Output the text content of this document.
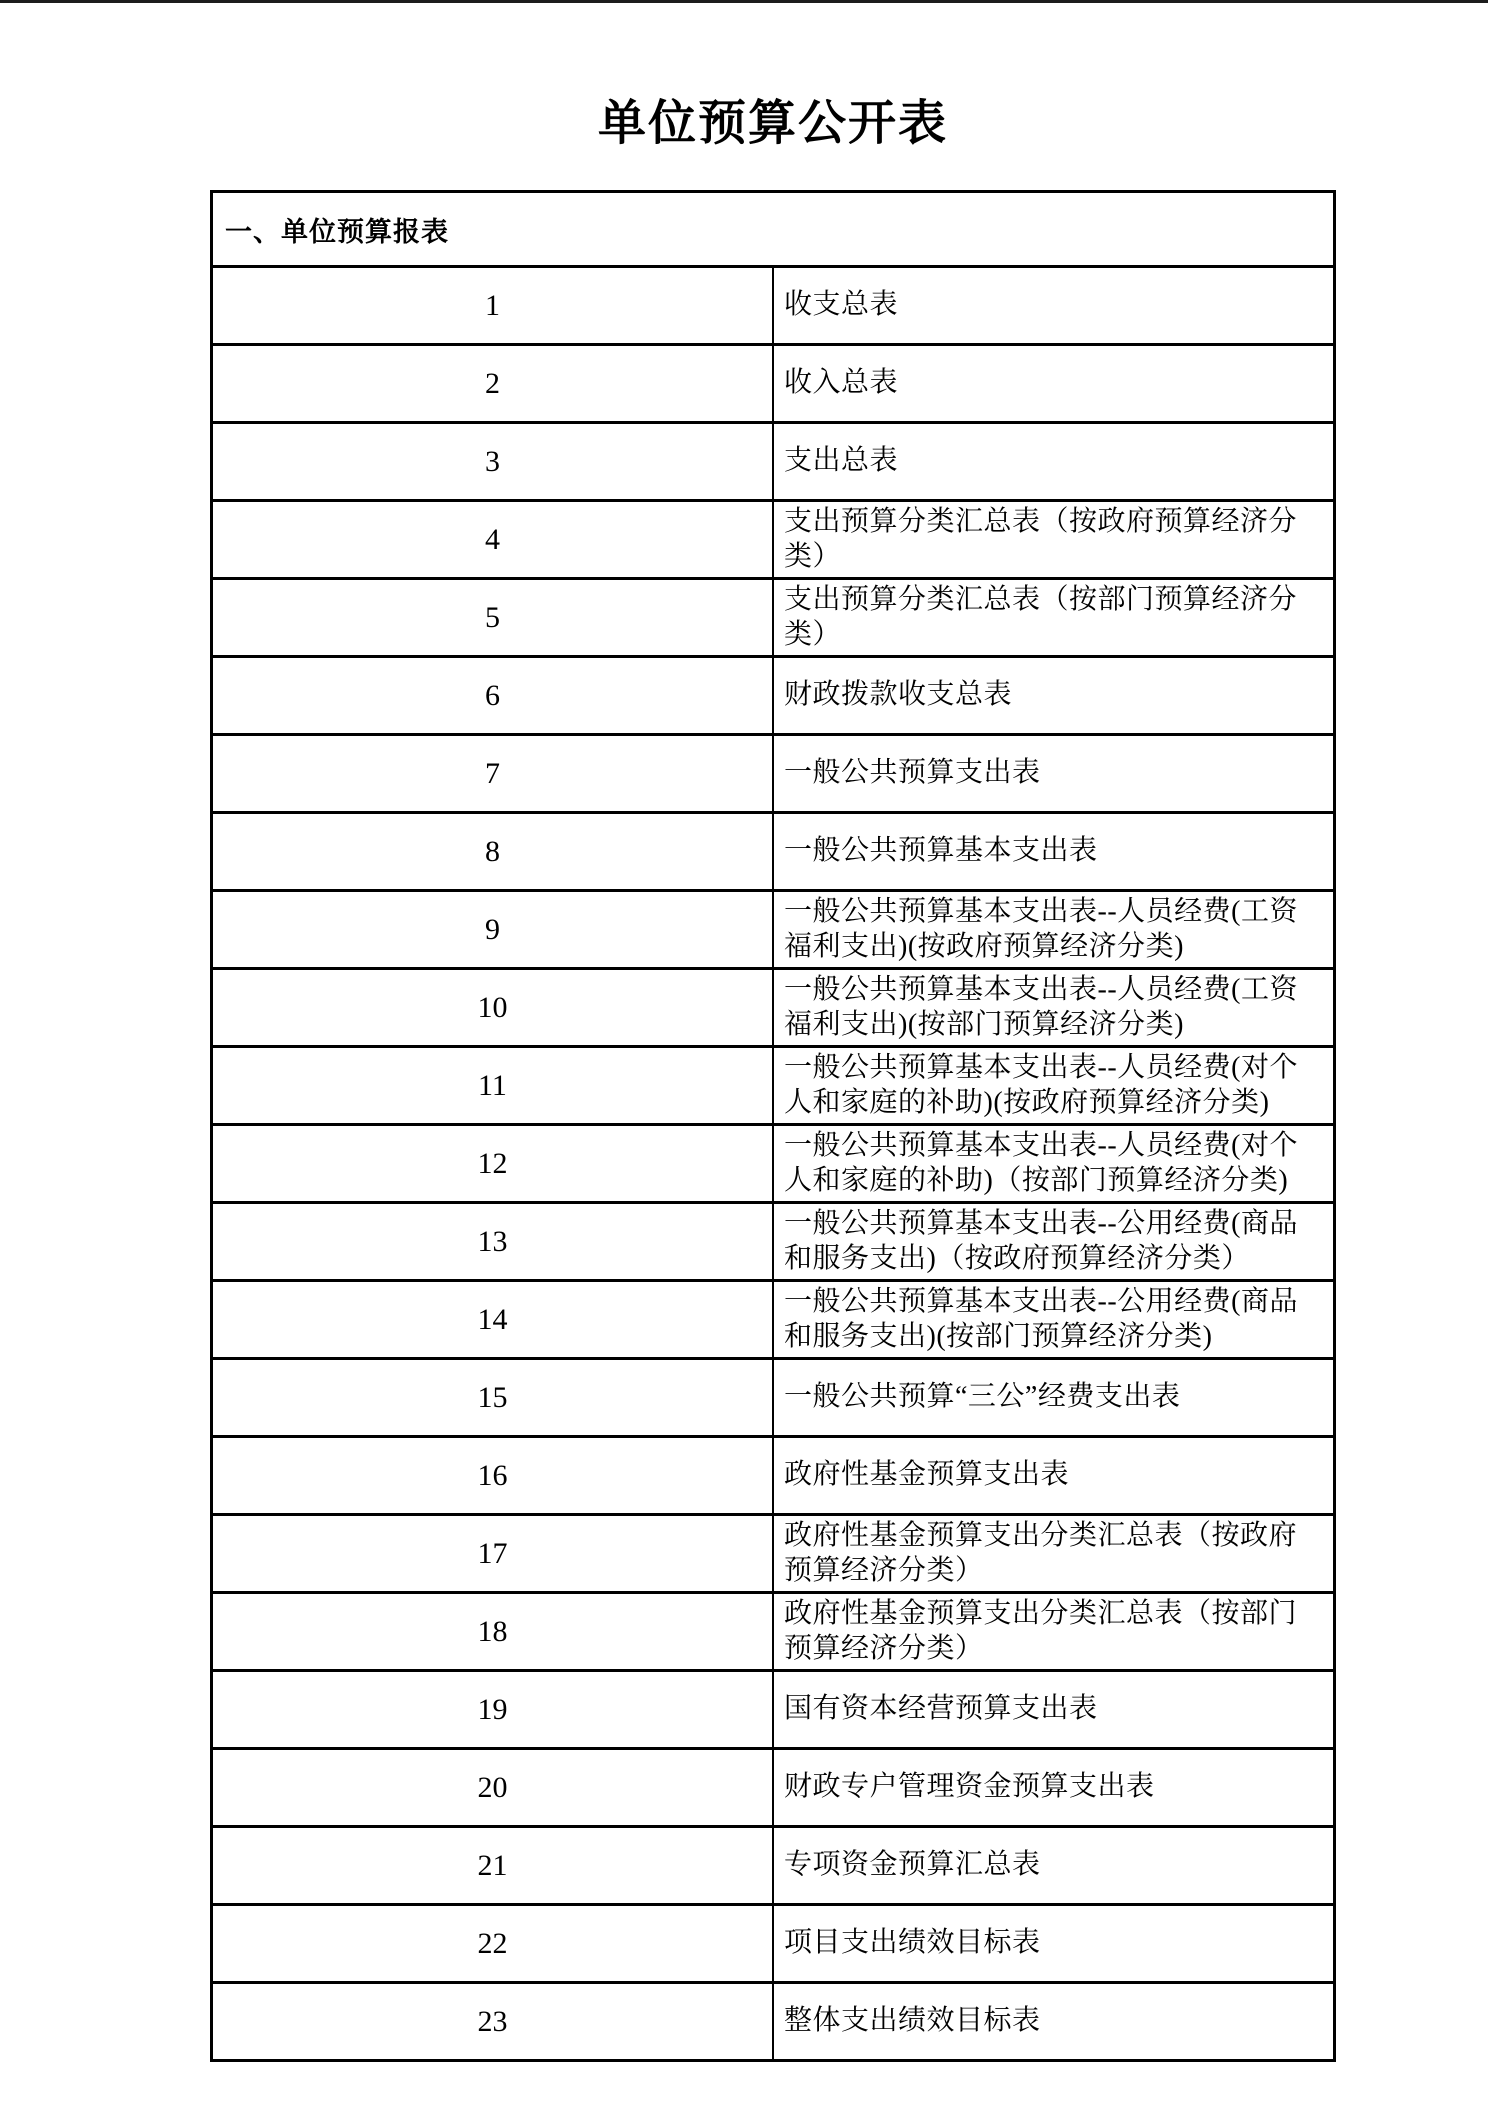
单位预算公开表
一、单位预算报表	
1	收支总表
2	收入总表
3	支出总表
4	支出预算分类汇总表（按政府预算经济分类）
5	支出预算分类汇总表（按部门预算经济分类）
6	财政拨款收支总表
7	一般公共预算支出表
8	一般公共预算基本支出表
9	一般公共预算基本支出表--人员经费(工资福利支出)(按政府预算经济分类)
10	一般公共预算基本支出表--人员经费(工资福利支出)(按部门预算经济分类)
11	一般公共预算基本支出表--人员经费(对个人和家庭的补助)(按政府预算经济分类)
12	一般公共预算基本支出表--人员经费(对个人和家庭的补助)（按部门预算经济分类)
13	一般公共预算基本支出表--公用经费(商品和服务支出)（按政府预算经济分类）
14	一般公共预算基本支出表--公用经费(商品和服务支出)(按部门预算经济分类)
15	一般公共预算“三公”经费支出表
16	政府性基金预算支出表
17	政府性基金预算支出分类汇总表（按政府预算经济分类）
18	政府性基金预算支出分类汇总表（按部门预算经济分类）
19	国有资本经营预算支出表
20	财政专户管理资金预算支出表
21	专项资金预算汇总表
22	项目支出绩效目标表
23	整体支出绩效目标表
